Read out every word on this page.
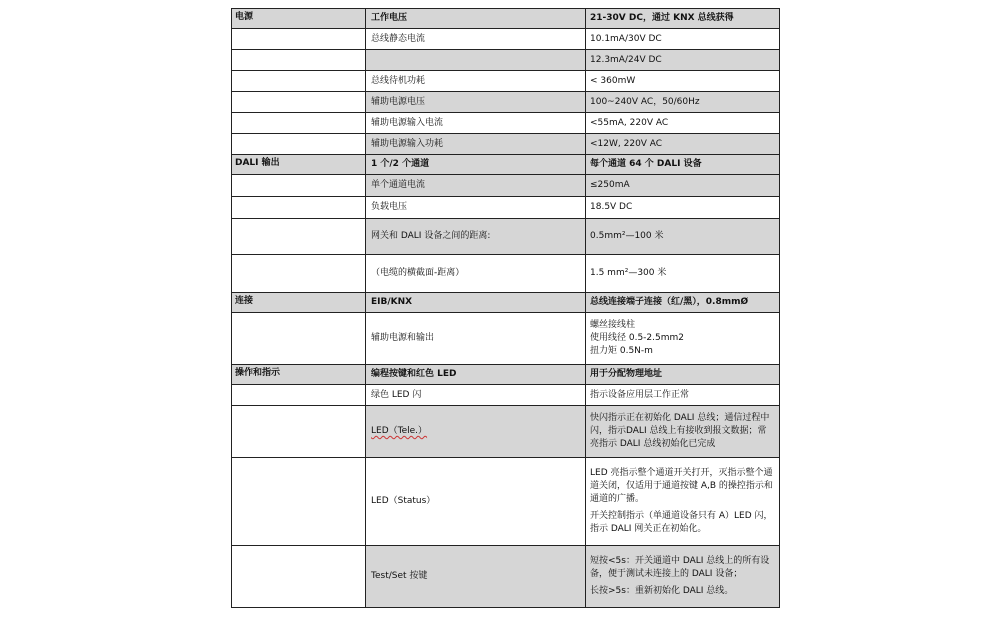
电源	工作电压	21-30V DC，通过 KNX 总线获得
	总线静态电流	10.1mA/30V DC
		12.3mA/24V DC
	总线待机功耗	< 360mW
	辅助电源电压	100~240V AC，50/60Hz
	辅助电源输入电流	<55mA, 220V AC
	辅助电源输入功耗	<12W, 220V AC
DALI 输出	1 个/2 个通道	每个通道 64 个 DALI 设备
	单个通道电流	≤250mA
	负载电压	18.5V DC
	网关和 DALI 设备之间的距离:	0.5mm²—100 米
	（电缆的横截面-距离）	1.5 mm²—300 米
连接	EIB/KNX	总线连接端子连接（红/黑），0.8mmØ
	辅助电源和输出	螺丝接线柱
使用线径 0.5-2.5mm2
扭力矩 0.5N-m

操作和指示	编程按键和红色 LED	用于分配物理地址
	绿色 LED 闪	指示设备应用层工作正常
	LED（Tele.）	快闪指示正在初始化 DALI 总线；通信过程中闪，指示DALI 总线上有接收到报文数据；常亮指示 DALI 总线初始化已完成
	LED（Status）	LED 亮指示整个通道开关打开，灭指示整个通道关闭，仅适用于通道按键 A,B 的操控指示和通道的广播。
开关控制指示（单通道设备只有 A）LED 闪，指示 DALI 网关正在初始化。

	Test/Set 按键	短按<5s：开关通道中 DALI 总线上的所有设备，便于测试未连接上的 DALI 设备；
长按>5s：重新初始化 DALI 总线。
